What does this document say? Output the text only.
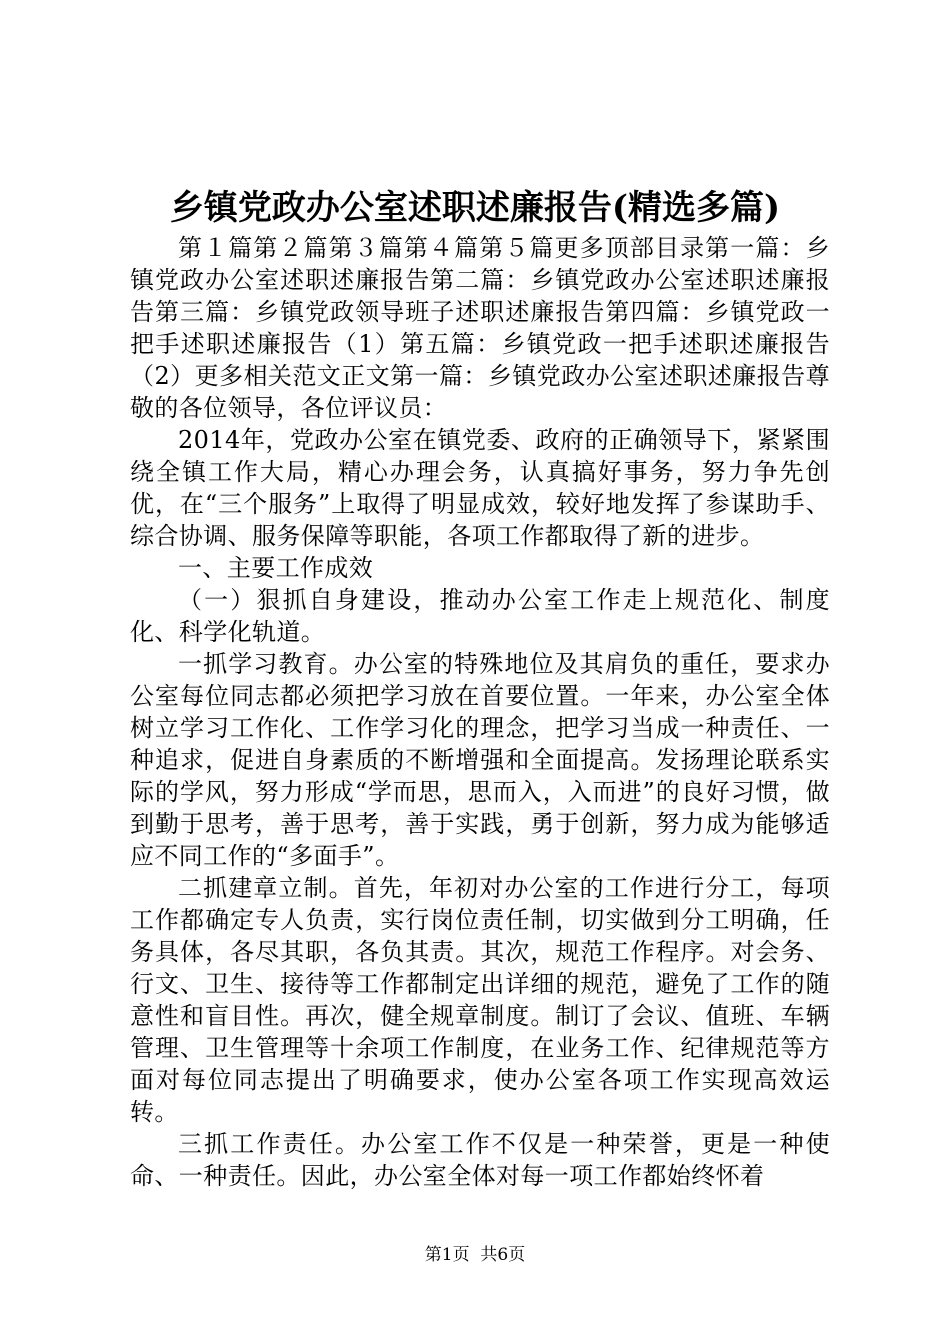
乡镇党政办公室述职述廉报告(精选多篇)

第１篇第２篇第３篇第４篇第５篇更多顶部目录第一篇：乡镇党政办公室述职述廉报告第二篇：乡镇党政办公室述职述廉报告第三篇：乡镇党政领导班子述职述廉报告第四篇：乡镇党政一把手述职述廉报告（1）第五篇：乡镇党政一把手述职述廉报告（2）更多相关范文正文第一篇：乡镇党政办公室述职述廉报告尊敬的各位领导，各位评议员：

2014年，党政办公室在镇党委、政府的正确领导下，紧紧围绕全镇工作大局，精心办理会务，认真搞好事务，努力争先创优，在“三个服务”上取得了明显成效，较好地发挥了参谋助手、综合协调、服务保障等职能，各项工作都取得了新的进步。

一、主要工作成效

（一）狠抓自身建设，推动办公室工作走上规范化、制度化、科学化轨道。

一抓学习教育。办公室的特殊地位及其肩负的重任，要求办公室每位同志都必须把学习放在首要位置。一年来，办公室全体树立学习工作化、工作学习化的理念，把学习当成一种责任、一种追求，促进自身素质的不断增强和全面提高。发扬理论联系实际的学风，努力形成“学而思，思而入，入而进”的良好习惯，做到勤于思考，善于思考，善于实践，勇于创新，努力成为能够适应不同工作的“多面手”。

二抓建章立制。首先，年初对办公室的工作进行分工，每项工作都确定专人负责，实行岗位责任制，切实做到分工明确，任务具体，各尽其职，各负其责。其次，规范工作程序。对会务、行文、卫生、接待等工作都制定出详细的规范，避免了工作的随意性和盲目性。再次，健全规章制度。制订了会议、值班、车辆管理、卫生管理等十余项工作制度，在业务工作、纪律规范等方面对每位同志提出了明确要求，使办公室各项工作实现高效运转。

三抓工作责任。办公室工作不仅是一种荣誉，更是一种使命、一种责任。因此，办公室全体对每一项工作都始终怀着

第1页  共6页
